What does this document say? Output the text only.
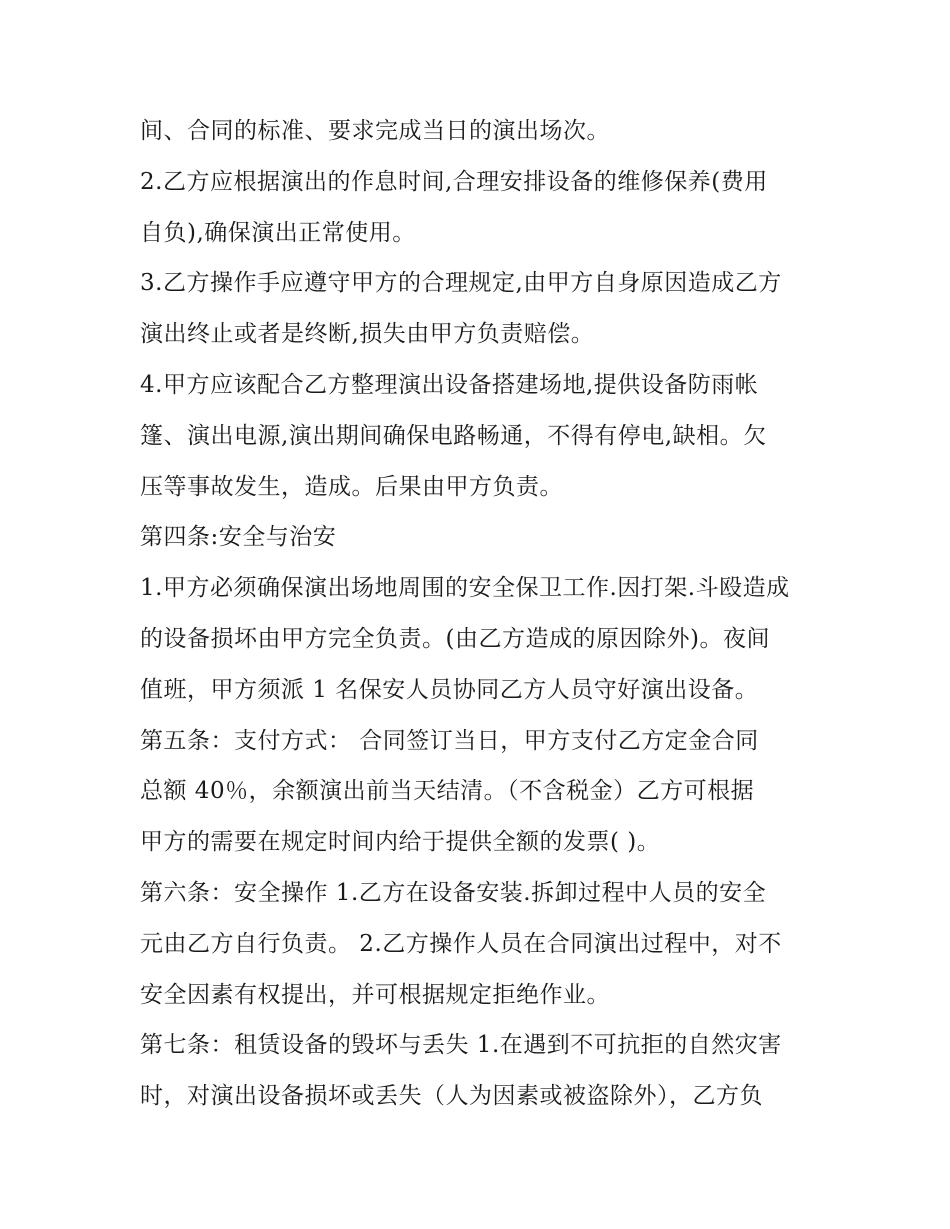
间、合同的标准、要求完成当日的演出场次。
2.乙方应根据演出的作息时间,合理安排设备的维修保养(费用
自负),确保演出正常使用。
3.乙方操作手应遵守甲方的合理规定,由甲方自身原因造成乙方
演出终止或者是终断,损失由甲方负责赔偿。
4.甲方应该配合乙方整理演出设备搭建场地,提供设备防雨帐
篷、演出电源,演出期间确保电路畅通，不得有停电,缺相。欠
压等事故发生，造成。后果由甲方负责。
第四条:安全与治安
1.甲方必须确保演出场地周围的安全保卫工作.因打架.斗殴造成
的设备损坏由甲方完全负责。(由乙方造成的原因除外)。夜间
值班，甲方须派 1 名保安人员协同乙方人员守好演出设备。
第五条：支付方式： 合同签订当日，甲方支付乙方定金合同
总额 40％，余额演出前当天结清。（不含税金）乙方可根据
甲方的需要在规定时间内给于提供全额的发票( )。
第六条：安全操作 1.乙方在设备安装.拆卸过程中人员的安全
元由乙方自行负责。 2.乙方操作人员在合同演出过程中，对不
安全因素有权提出，并可根据规定拒绝作业。
第七条：租赁设备的毁坏与丢失 1.在遇到不可抗拒的自然灾害
时，对演出设备损坏或丢失（人为因素或被盗除外），乙方负
